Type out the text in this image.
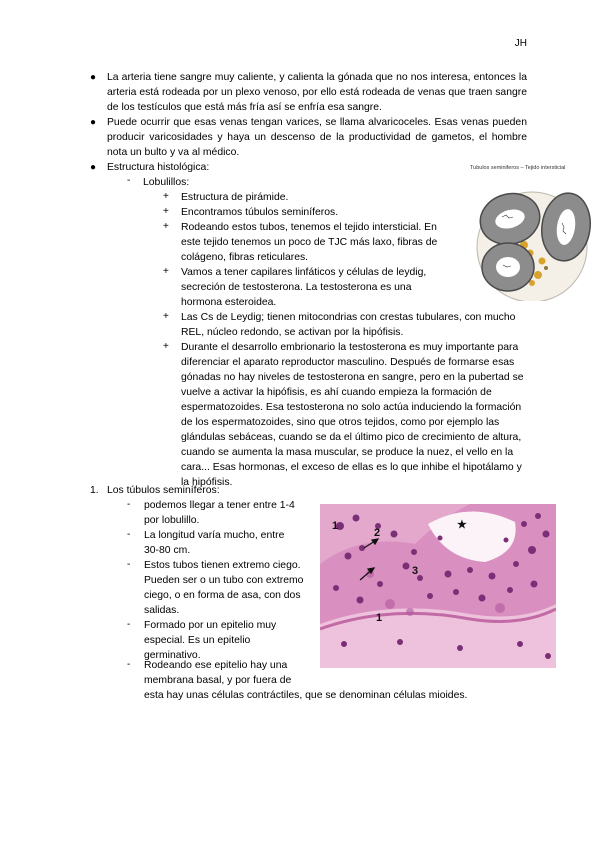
JH
● La arteria tiene sangre muy caliente, y calienta la gónada que no nos interesa, entonces la arteria está rodeada por un plexo venoso, por ello está rodeada de venas que traen sangre de los testículos que está más fría así se enfría esa sangre.
● Puede ocurrir que esas venas tengan varices, se llama alvaricoceles. Esas venas pueden producir varicosidades y haya un descenso de la productividad de gametos, el hombre nota un bulto y va al médico.
● Estructura histológica:
- Lobulillos:
+ Estructura de pirámide.
+ Encontramos túbulos seminíferos.
+ Rodeando estos tubos, tenemos el tejido intersticial. En este tejido tenemos un poco de TJC más laxo, fibras de colágeno, fibras reticulares.
+ Vamos a tener capilares linfáticos y células de leydig, secreción de testosterona. La testosterona es una hormona esteroidea.
+ Las Cs de Leydig; tienen mitocondrias con crestas tubulares, con mucho REL, núcleo redondo, se activan por la hipófisis.
+ Durante el desarrollo embrionario la testosterona es muy importante para diferenciar el aparato reproductor masculino. Después de formarse esas gónadas no hay niveles de testosterona en sangre, pero en la pubertad se vuelve a activar la hipófisis, es ahí cuando empieza la formación de espermatozoides. Esa testosterona no solo actúa induciendo la formación de los espermatozoides, sino que otros tejidos, como por ejemplo las glándulas sebáceas, cuando se da el último pico de crecimiento de altura, cuando se aumenta la masa muscular, se produce la nuez, el vello en la cara... Esas hormonas, el exceso de ellas es lo que inhibe el hipotálamo y la hipófisis.
Tubulos seminiferos – Tejido intersticial
1. Los túbulos seminíferos:
- podemos llegar a tener entre 1-4 por lobulillo.
- La longitud varía mucho, entre 30-80 cm.
- Estos tubos tienen extremo ciego. Pueden ser o un tubo con extremo ciego, o en forma de asa, con dos salidas.
- Formado por un epitelio muy especial. Es un epitelio germinativo.
- Rodeando ese epitelio hay una membrana basal, y por fuera de
esta hay unas células contráctiles, que se denominan células mioides.
1
2
3
1
★
